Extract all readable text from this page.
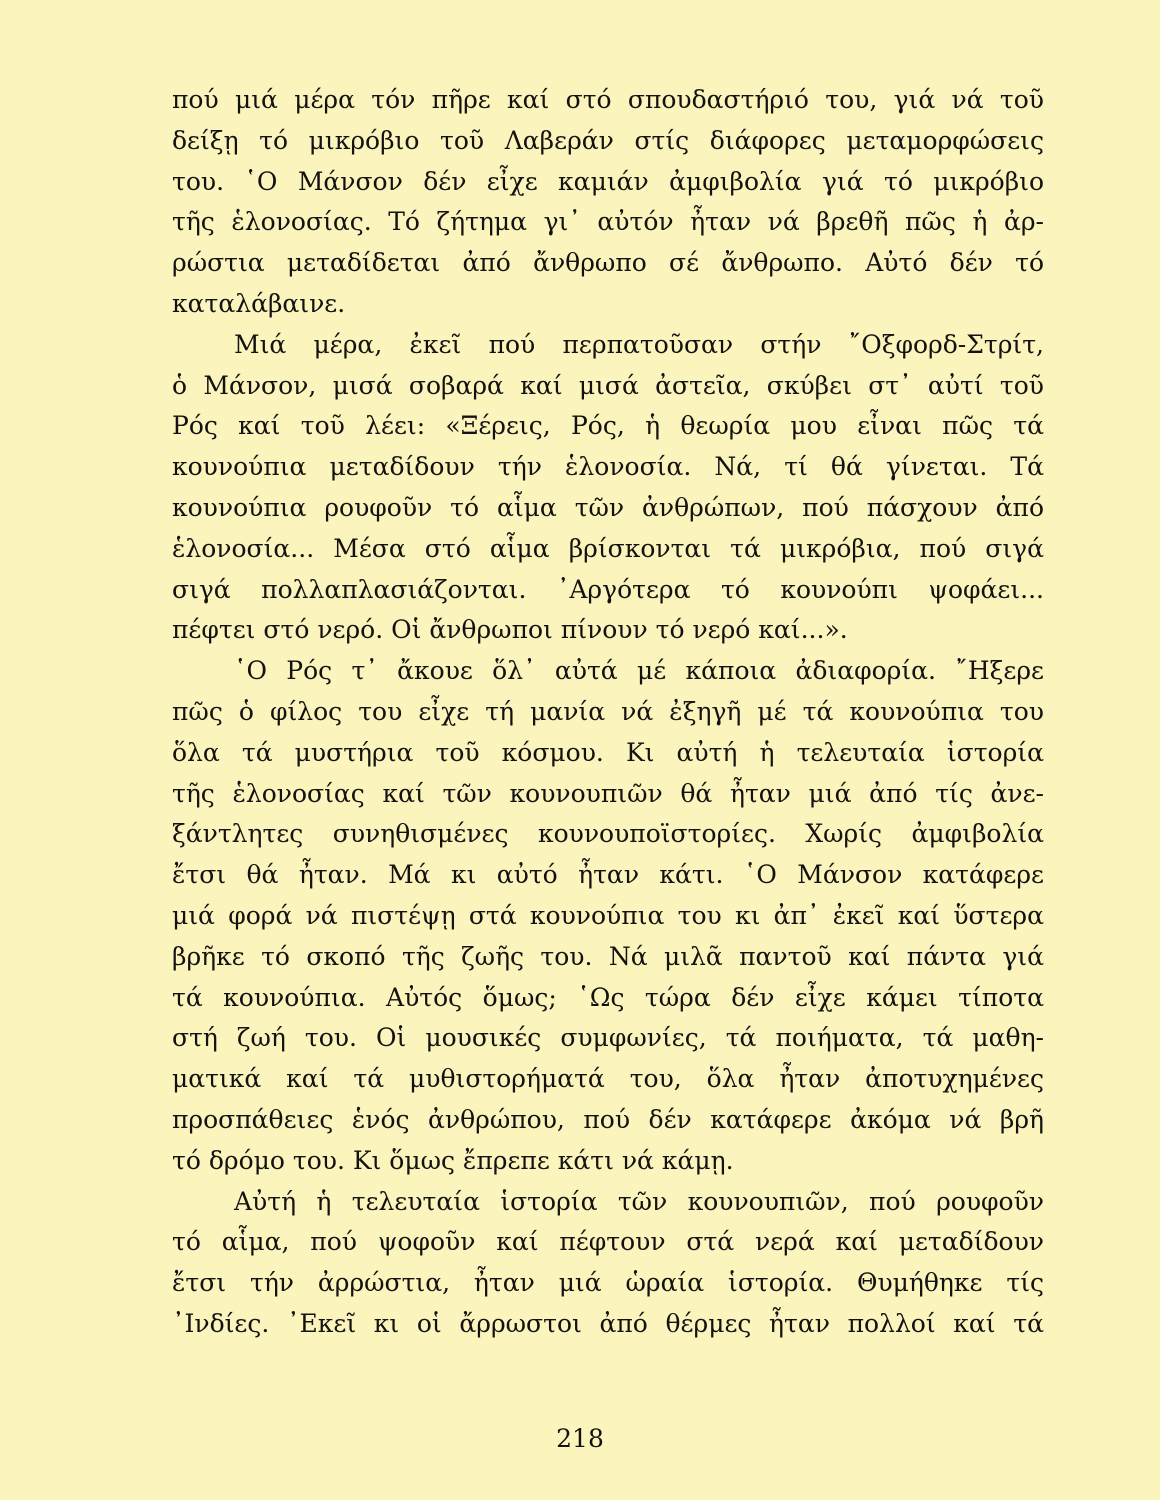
πού μιά μέρα τόν πῆρε καί στό σπουδαστήριό του, γιά νά τοῦ
δείξῃ τό μικρόβιο τοῦ Λαβεράν στίς διάφορες μεταμορφώσεις
του. ῾Ο Μάνσον δέν εἶχε καμιάν ἀμφιβολία γιά τό μικρόβιο
τῆς ἑλονοσίας. Τό ζήτημα γι᾿ αὐτόν ἦταν νά βρεθῆ πῶς ἡ ἀρ-
ρώστια μεταδίδεται ἀπό ἄνθρωπο σέ ἄνθρωπο. Αὐτό δέν τό
καταλάβαινε.
Μιά μέρα, ἐκεῖ πού περπατοῦσαν στήν ῎Οξφορδ-Στρίτ,
ὁ Μάνσον, μισά σοβαρά καί μισά ἀστεῖα, σκύβει στ᾿ αὐτί τοῦ
Ρός καί τοῦ λέει: «Ξέρεις, Ρός, ἡ θεωρία μου εἶναι πῶς τά
κουνούπια μεταδίδουν τήν ἑλονοσία. Νά, τί θά γίνεται. Τά
κουνούπια ρουφοῦν τό αἷμα τῶν ἀνθρώπων, πού πάσχουν ἀπό
ἑλονοσία... Μέσα στό αἷμα βρίσκονται τά μικρόβια, πού σιγά
σιγά πολλαπλασιάζονται. ᾿Αργότερα τό κουνούπι ψοφάει...
πέφτει στό νερό. Οἱ ἄνθρωποι πίνουν τό νερό καί...».
῾Ο Ρός τ᾿ ἄκουε ὅλ᾿ αὐτά μέ κάποια ἀδιαφορία. ῎Ηξερε
πῶς ὁ φίλος του εἶχε τή μανία νά ἐξηγῆ μέ τά κουνούπια του
ὅλα τά μυστήρια τοῦ κόσμου. Κι αὐτή ἡ τελευταία ἱστορία
τῆς ἑλονοσίας καί τῶν κουνουπιῶν θά ἦταν μιά ἀπό τίς ἀνε-
ξάντλητες συνηθισμένες κουνουποϊστορίες. Χωρίς ἀμφιβολία
ἔτσι θά ἦταν. Μά κι αὐτό ἦταν κάτι. ῾Ο Μάνσον κατάφερε
μιά φορά νά πιστέψῃ στά κουνούπια του κι ἀπ᾿ ἐκεῖ καί ὕστερα
βρῆκε τό σκοπό τῆς ζωῆς του. Νά μιλᾶ παντοῦ καί πάντα γιά
τά κουνούπια. Αὐτός ὅμως; ῾Ως τώρα δέν εἶχε κάμει τίποτα
στή ζωή του. Οἱ μουσικές συμφωνίες, τά ποιήματα, τά μαθη-
ματικά καί τά μυθιστορήματά του, ὅλα ἦταν ἀποτυχημένες
προσπάθειες ἑνός ἀνθρώπου, πού δέν κατάφερε ἀκόμα νά βρῆ
τό δρόμο του. Κι ὅμως ἔπρεπε κάτι νά κάμῃ.
Αὐτή ἡ τελευταία ἱστορία τῶν κουνουπιῶν, πού ρουφοῦν
τό αἷμα, πού ψοφοῦν καί πέφτουν στά νερά καί μεταδίδουν
ἔτσι τήν ἀρρώστια, ἦταν μιά ὡραία ἱστορία. Θυμήθηκε τίς
᾿Ινδίες. ᾿Εκεῖ κι οἱ ἄρρωστοι ἀπό θέρμες ἦταν πολλοί καί τά
218
